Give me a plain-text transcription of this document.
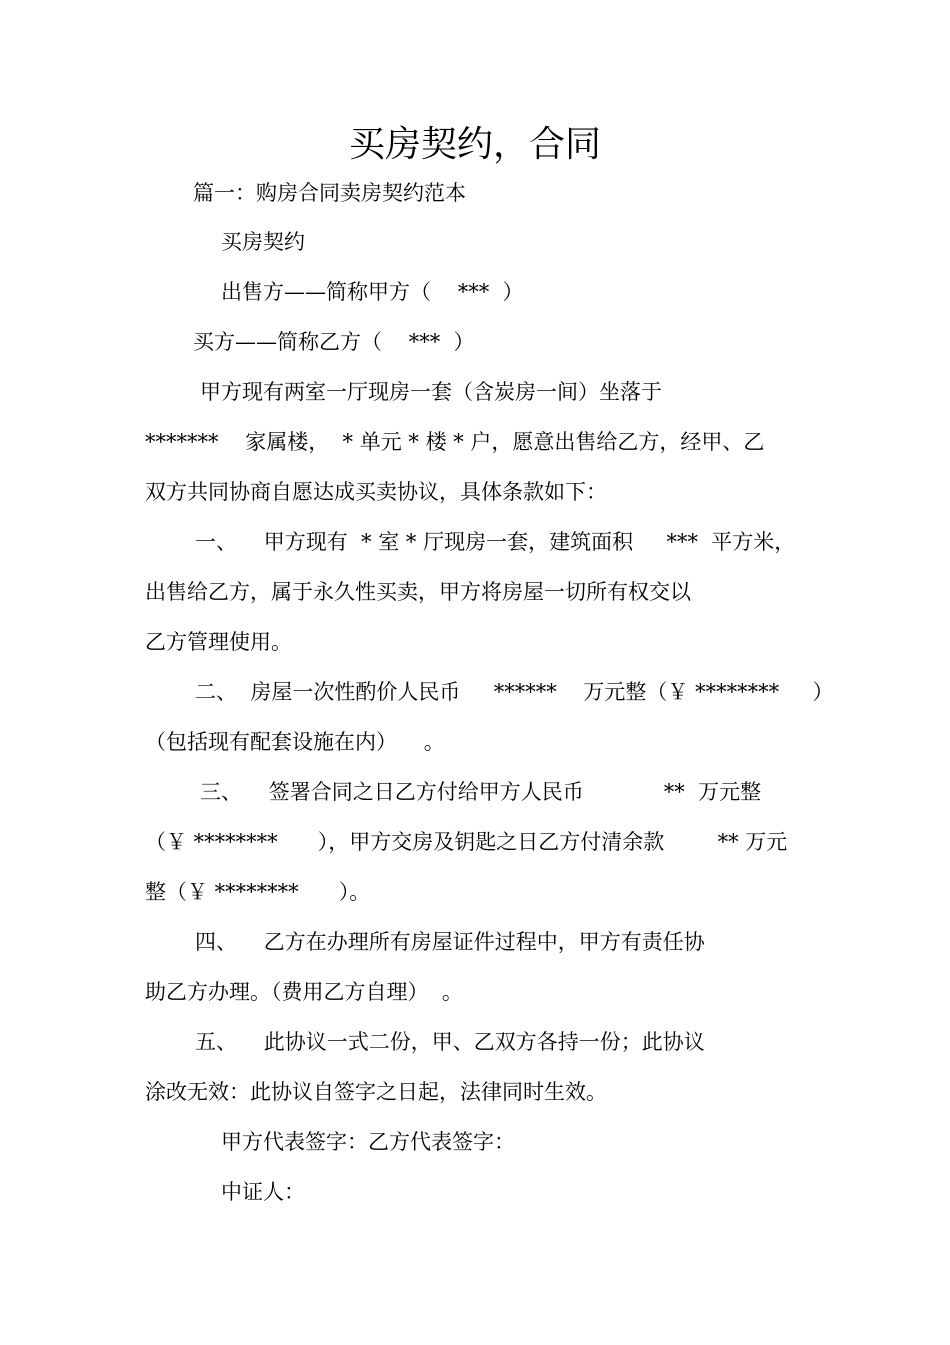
买房契约，合同
篇一：购房合同卖房契约范本
买房契约
出售方——简称甲方（    ***  ）
买方——简称乙方（    ***  ）
甲方现有两室一厅现房一套（含炭房一间）坐落于
*******    家属楼，  * 单元 * 楼 * 户，愿意出售给乙方，经甲、乙
双方共同协商自愿达成买卖协议，具体条款如下：
一、    甲方现有  * 室 * 厅现房一套，建筑面积     ***  平方米，
出售给乙方，属于永久性买卖，甲方将房屋一切所有权交以
乙方管理使用。
二、  房屋一次性酌价人民币     ******    万元整（￥ ********     ）
（包括现有配套设施在内）    。
三、    签署合同之日乙方付给甲方人民币            **  万元整
（￥ ********      ），甲方交房及钥匙之日乙方付清余款        ** 万元
整（￥ ********      ）。
四、    乙方在办理所有房屋证件过程中，甲方有责任协
助乙方办理。（费用乙方自理）  。
五、    此协议一式二份，甲、乙双方各持一份；此协议
涂改无效：此协议自签字之日起，法律同时生效。
甲方代表签字：乙方代表签字：
中证人：
